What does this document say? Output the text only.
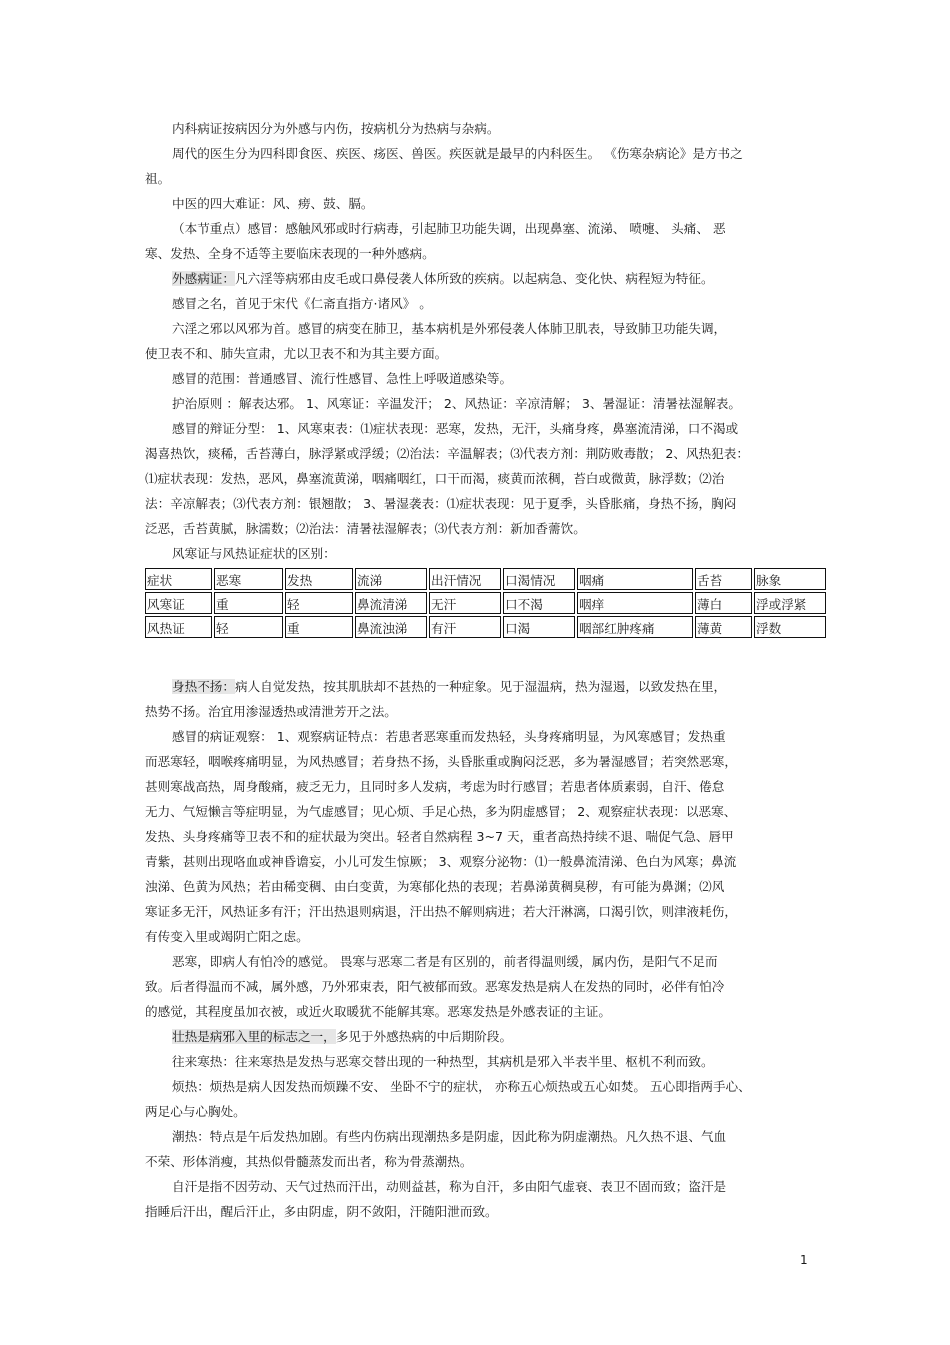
内科病证按病因分为外感与内伤，按病机分为热病与杂病。
周代的医生分为四科即食医、疾医、疡医、兽医。疾医就是最早的内科医生。 《伤寒杂病论》是方书之
祖。
中医的四大难证：风、痨、鼓、膈。
（本节重点）感冒：感触风邪或时行病毒，引起肺卫功能失调，出现鼻塞、流涕、 喷嚏、 头痛、 恶
寒、发热、全身不适等主要临床表现的一种外感病。
外感病证：凡六淫等病邪由皮毛或口鼻侵袭人体所致的疾病。以起病急、变化快、病程短为特征。
感冒之名，首见于宋代《仁斋直指方·诸风》 。
六淫之邪以风邪为首。感冒的病变在肺卫，基本病机是外邪侵袭人体肺卫肌表，导致肺卫功能失调，
使卫表不和、肺失宣肃，尤以卫表不和为其主要方面。
感冒的范围：普通感冒、流行性感冒、急性上呼吸道感染等。
护治原则 ：解表达邪。 1、风寒证：辛温发汗； 2、风热证：辛凉清解； 3、暑湿证：清暑祛湿解表。
感冒的辩证分型： 1、风寒束表：⑴症状表现：恶寒，发热，无汗，头痛身疼，鼻塞流清涕，口不渴或
渴喜热饮，痰稀，舌苔薄白，脉浮紧或浮缓；⑵治法：辛温解表；⑶代表方剂：荆防败毒散； 2、风热犯表：
⑴症状表现：发热，恶风，鼻塞流黄涕，咽痛咽红，口干而渴，痰黄而浓稠，苔白或微黄，脉浮数；⑵治
法：辛凉解表；⑶代表方剂：银翘散； 3、暑湿袭表：⑴症状表现：见于夏季，头昏胀痛，身热不扬，胸闷
泛恶，舌苔黄腻，脉濡数；⑵治法：清暑祛湿解表；⑶代表方剂：新加香薷饮。
风寒证与风热证症状的区别：
身热不扬：病人自觉发热，按其肌肤却不甚热的一种症象。见于湿温病，热为湿遏，以致发热在里，
热势不扬。治宜用渗湿透热或清泄芳开之法。
感冒的病证观察： 1、观察病证特点：若患者恶寒重而发热轻，头身疼痛明显，为风寒感冒；发热重
而恶寒轻，咽喉疼痛明显，为风热感冒；若身热不扬，头昏胀重或胸闷泛恶，多为暑湿感冒；若突然恶寒，
甚则寒战高热，周身酸痛，疲乏无力，且同时多人发病，考虑为时行感冒；若患者体质素弱，自汗、倦怠
无力、气短懒言等症明显，为气虚感冒；见心烦、手足心热，多为阴虚感冒； 2、观察症状表现：以恶寒、
发热、头身疼痛等卫表不和的症状最为突出。轻者自然病程 3~7 天，重者高热持续不退、喘促气急、唇甲
青紫，甚则出现咯血或神昏谵妄，小儿可发生惊厥； 3、观察分泌物：⑴一般鼻流清涕、色白为风寒；鼻流
浊涕、色黄为风热；若由稀变稠、由白变黄，为寒郁化热的表现；若鼻涕黄稠臭秽，有可能为鼻渊；⑵风
寒证多无汗，风热证多有汗；汗出热退则病退，汗出热不解则病进；若大汗淋漓，口渴引饮，则津液耗伤，
有传变入里或竭阴亡阳之虑。
恶寒，即病人有怕冷的感觉。 畏寒与恶寒二者是有区别的，前者得温则缓，属内伤，是阳气不足而
致。后者得温而不减，属外感，乃外邪束表，阳气被郁而致。恶寒发热是病人在发热的同时，必伴有怕冷
的感觉，其程度虽加衣被，或近火取暖犹不能解其寒。恶寒发热是外感表证的主证。
壮热是病邪入里的标志之一，多见于外感热病的中后期阶段。
往来寒热：往来寒热是发热与恶寒交替出现的一种热型，其病机是邪入半表半里、枢机不利而致。
烦热：烦热是病人因发热而烦躁不安、 坐卧不宁的症状， 亦称五心烦热或五心如焚。 五心即指两手心、
两足心与心胸处。
潮热：特点是午后发热加剧。有些内伤病出现潮热多是阴虚，因此称为阴虚潮热。凡久热不退、气血
不荣、形体消瘦，其热似骨髓蒸发而出者，称为骨蒸潮热。
自汗是指不因劳动、天气过热而汗出，动则益甚，称为自汗，多由阳气虚衰、表卫不固而致；盗汗是
指睡后汗出，醒后汗止，多由阴虚，阴不敛阳，汗随阳泄而致。
症状	恶寒	发热	流涕	出汗情况	口渴情况	咽痛	舌苔	脉象
风寒证	重	轻	鼻流清涕	无汗	口不渴	咽痒	薄白	浮或浮紧
风热证	轻	重	鼻流浊涕	有汗	口渴	咽部红肿疼痛	薄黄	浮数
1
